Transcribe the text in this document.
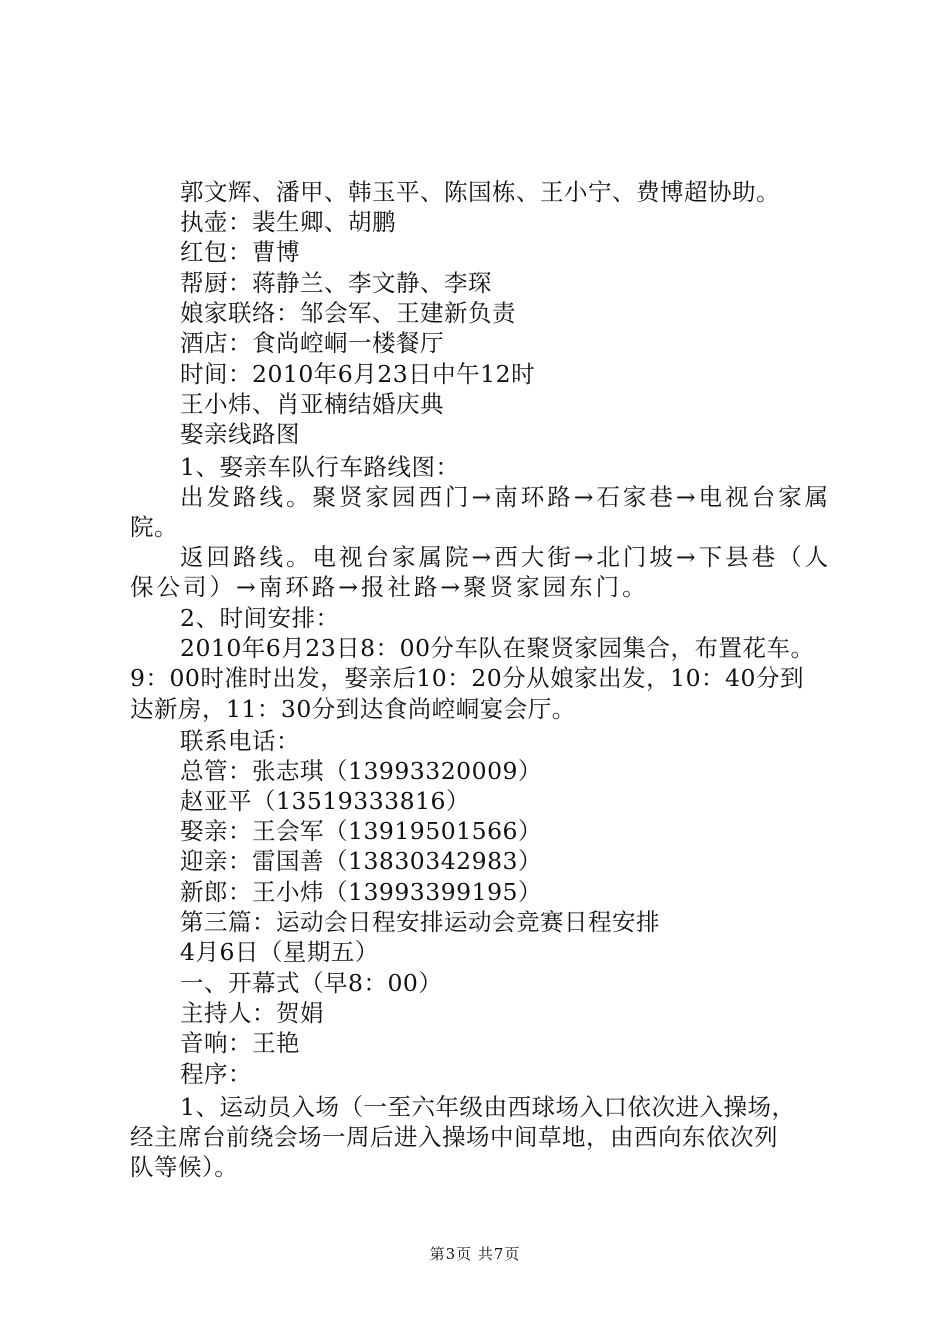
郭文辉、潘甲、韩玉平、陈国栋、王小宁、费博超协助。
执壶：裴生卿、胡鹏
红包：曹博
帮厨：蒋静兰、李文静、李琛
娘家联络：邹会军、王建新负责
酒店：食尚崆峒一楼餐厅
时间：2010年6月23日中午12时
王小炜、肖亚楠结婚庆典
娶亲线路图
1、娶亲车队行车路线图：
出发路线。聚贤家园西门→南环路→石家巷→电视台家属
院。
返回路线。电视台家属院→西大街→北门坡→下县巷（人
保公司）→南环路→报社路→聚贤家园东门。
2、时间安排：
2010年6月23日8：00分车队在聚贤家园集合，布置花车。
9：00时准时出发，娶亲后10：20分从娘家出发，10：40分到
达新房，11：30分到达食尚崆峒宴会厅。
联系电话：
总管：张志琪（13993320009）
赵亚平（13519333816）
娶亲：王会军（13919501566）
迎亲：雷国善（13830342983）
新郎：王小炜（13993399195）
第三篇：运动会日程安排运动会竞赛日程安排
4月6日（星期五）
一、开幕式（早8：00）
主持人：贺娟
音响：王艳
程序：
1、运动员入场（一至六年级由西球场入口依次进入操场，
经主席台前绕会场一周后进入操场中间草地，由西向东依次列
队等候）。
第3页 共7页
